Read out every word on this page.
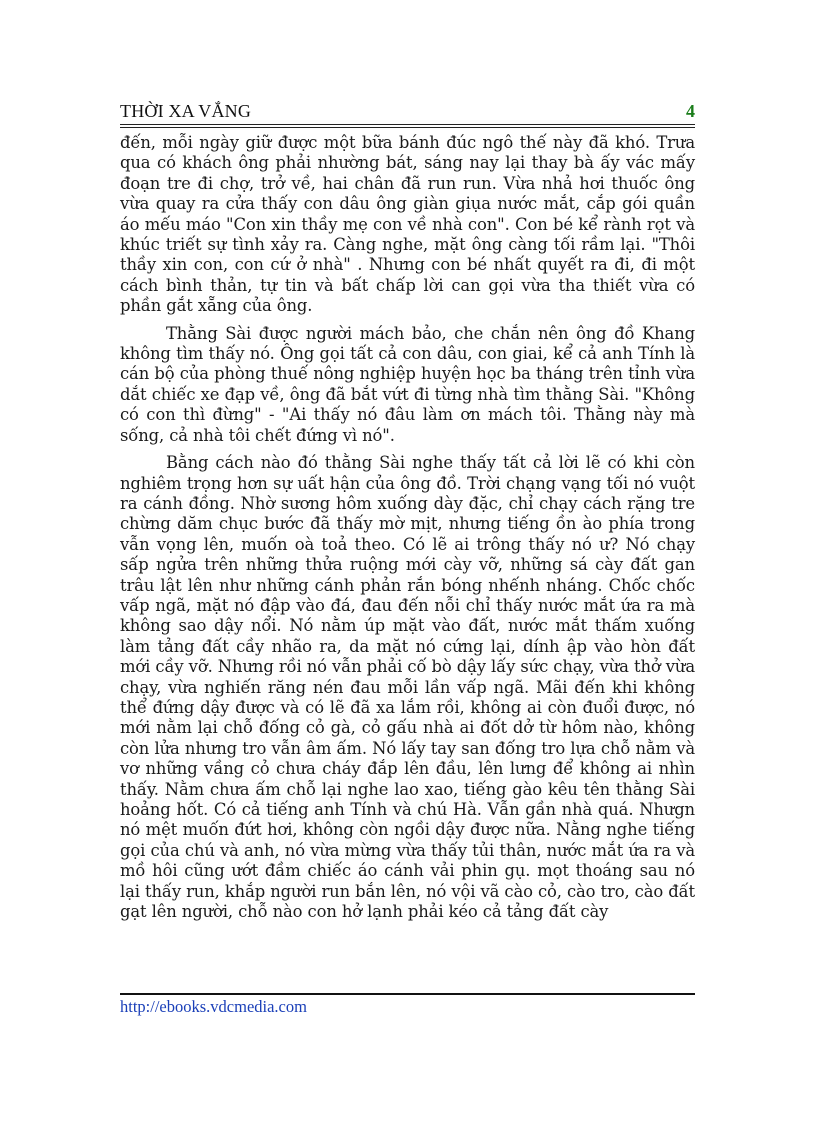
THỜI XA VẮNG	4

đến, mỗi ngày giữ được một bữa bánh đúc ngô thế này đã khó. Trưa qua có khách ông phải nhường bát, sáng nay lại thay bà ấy vác mấy đoạn tre đi chợ, trở về, hai chân đã run run. Vừa nhả hơi thuốc ông vừa quay ra cửa thấy con dâu ông giàn giụa nước mắt, cắp gói quần áo mếu máo "Con xin thầy mẹ con về nhà con". Con bé kể rành rọt và khúc triết sự tình xảy ra. Càng nghe, mặt ông càng tối rầm lại. "Thôi thầy xin con, con cứ ở nhà" . Nhưng con bé nhất quyết ra đi, đi một cách bình thản, tự tin và bất chấp lời can gọi vừa tha thiết vừa có phần gắt xẵng của ông.

Thằng Sài được người mách bảo, che chắn nên ông đồ Khang không tìm thấy nó. Ông gọi tất cả con dâu, con giai, kể cả anh Tính là cán bộ của phòng thuế nông nghiệp huyện học ba tháng trên tỉnh vừa dắt chiếc xe đạp về, ông đã bắt vứt đi từng nhà tìm thằng Sài. "Không có con thì đừng" - "Ai thấy nó đâu làm ơn mách tôi. Thằng này mà sống, cả nhà tôi chết đứng vì nó".

Bằng cách nào đó thằng Sài nghe thấy tất cả lời lẽ có khi còn nghiêm trọng hơn sự uất hận của ông đồ. Trời chạng vạng tối nó vuột ra cánh đồng. Nhờ sương hôm xuống dày đặc, chỉ chạy cách rặng tre chừng dăm chục bước đã thấy mờ mịt, nhưng tiếng ồn ào phía trong vẫn vọng lên, muốn oà toả theo. Có lẽ ai trông thấy nó ư? Nó chạy sấp ngửa trên những thửa ruộng mới cày vỡ, những sá cày đất gan trâu lật lên như những cánh phản rắn bóng nhếnh nháng. Chốc chốc vấp ngã, mặt nó đập vào đá, đau đến nỗi chỉ thấy nước mắt ứa ra mà không sao dậy nổi. Nó nằm úp mặt vào đất, nước mắt thấm xuống làm tảng đất cầy nhão ra, da mặt nó cứng lại, dính ập vào hòn đất mới cầy vỡ. Nhưng rồi nó vẫn phải cố bò dậy lấy sức chạy, vừa thở vừa chạy, vừa nghiến răng nén đau mỗi lần vấp ngã. Mãi đến khi không thể đứng dậy được và có lẽ đã xa lắm rồi, không ai còn đuổi được, nó mới nằm lại chỗ đống cỏ gà, cỏ gấu nhà ai đốt dở từ hôm nào, không còn lửa nhưng tro vẫn âm ấm. Nó lấy tay san đống tro lựa chỗ nằm và vơ những vầng cỏ chưa cháy đắp lên đầu, lên lưng để không ai nhìn thấy. Nằm chưa ấm chỗ lại nghe lao xao, tiếng gào kêu tên thằng Sài hoảng hốt. Có cả tiếng anh Tính và chú Hà. Vẫn gần nhà quá. Nhưgn nó mệt muốn đứt hơi, không còn ngồi dậy được nữa. Nằng nghe tiếng gọi của chú và anh, nó vừa mừng vừa thấy tủi thân, nước mắt ứa ra và mồ hôi cũng ướt đầm chiếc áo cánh vải phin gụ. mọt thoáng sau nó lại thấy run, khắp người run bắn lên, nó vội vã cào cỏ, cào tro, cào đất gạt lên người, chỗ nào con hở lạnh phải kéo cả tảng đất cày

http://ebooks.vdcmedia.com
